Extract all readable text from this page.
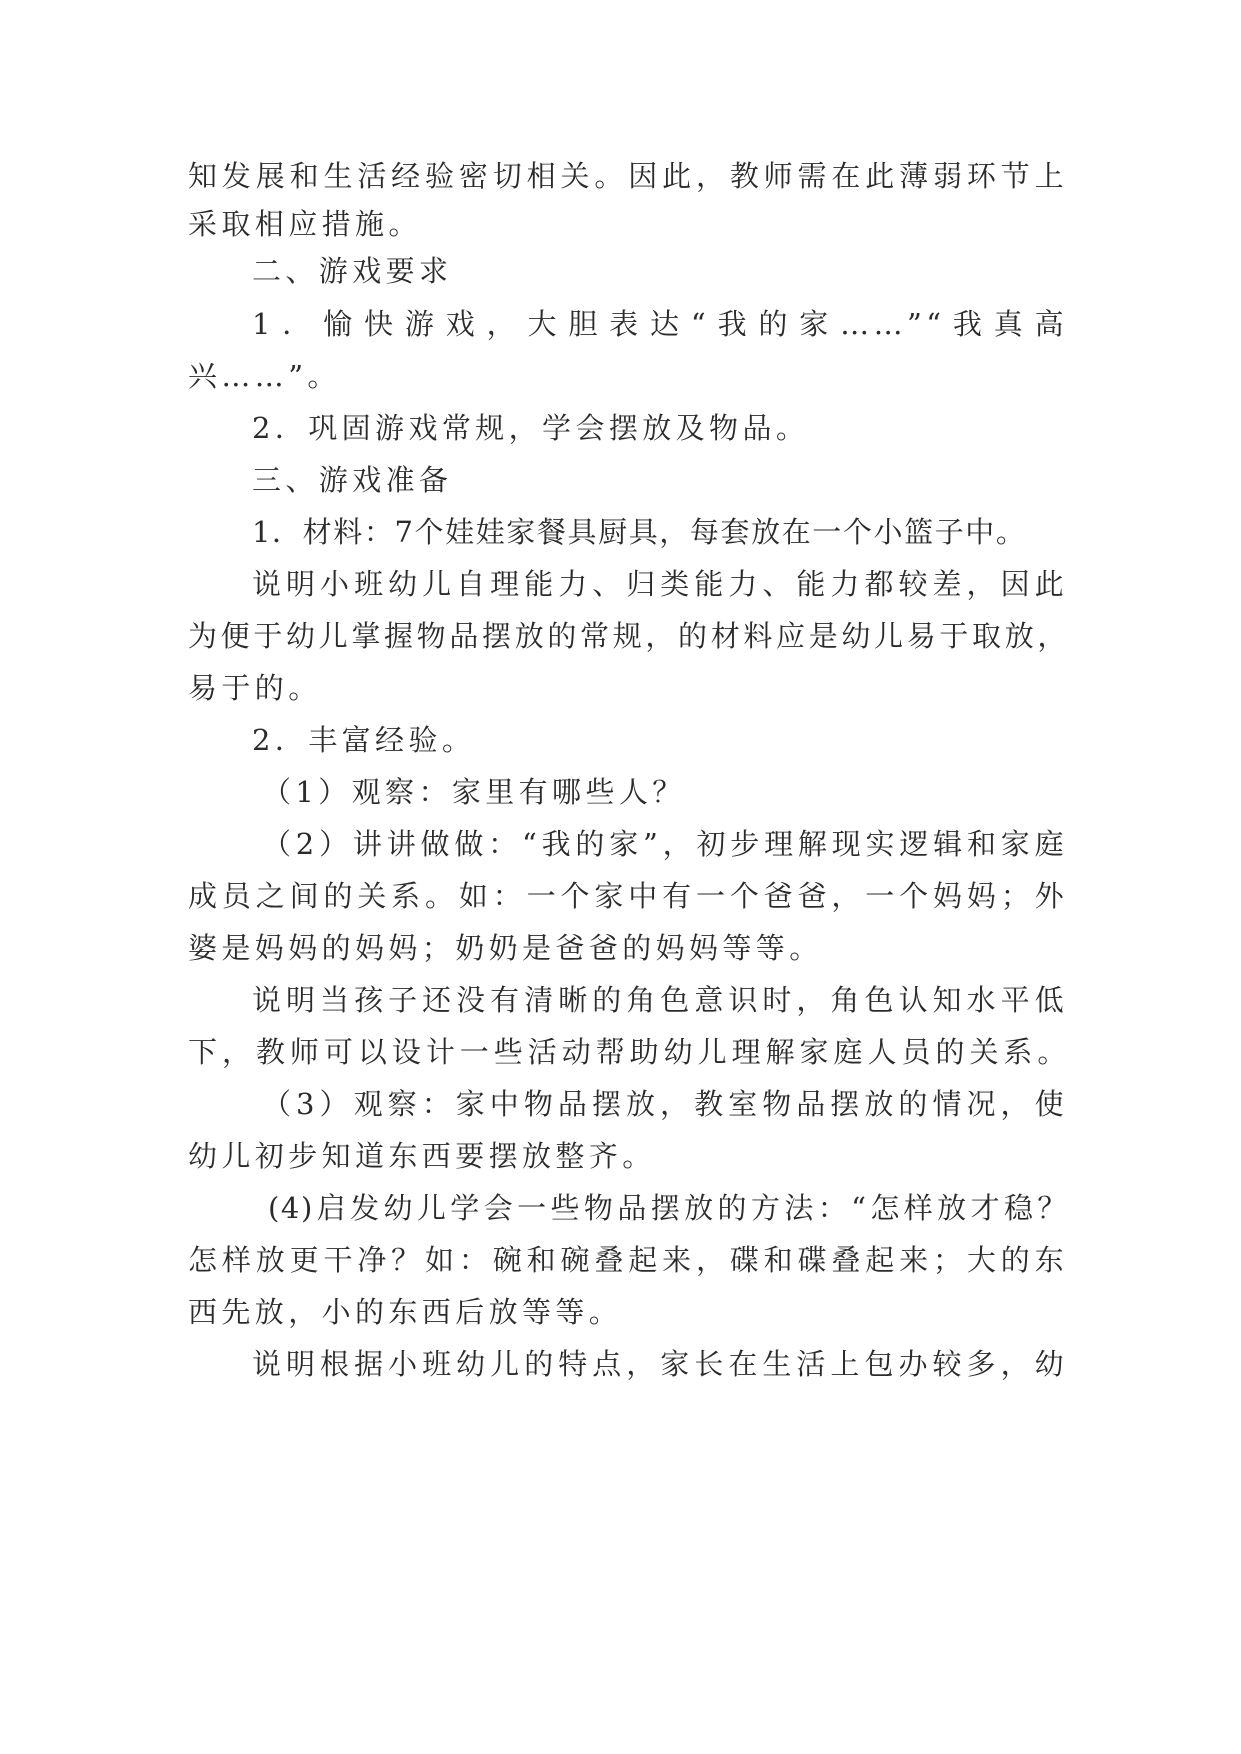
知发展和生活经验密切相关。因此，教师需在此薄弱环节上
采取相应措施。
二、游戏要求
1．愉快游戏，大胆表达“我的家……”“我真高
兴……”。
2．巩固游戏常规，学会摆放及物品。
三、游戏准备
1．材料：7个娃娃家餐具厨具，每套放在一个小篮子中。
说明小班幼儿自理能力、归类能力、能力都较差，因此
为便于幼儿掌握物品摆放的常规，的材料应是幼儿易于取放，
易于的。
2．丰富经验。
（1）观察：家里有哪些人？
（2）讲讲做做：“我的家”，初步理解现实逻辑和家庭
成员之间的关系。如：一个家中有一个爸爸，一个妈妈；外
婆是妈妈的妈妈；奶奶是爸爸的妈妈等等。
说明当孩子还没有清晰的角色意识时，角色认知水平低
下，教师可以设计一些活动帮助幼儿理解家庭人员的关系。
（3）观察：家中物品摆放，教室物品摆放的情况，使
幼儿初步知道东西要摆放整齐。
(4)启发幼儿学会一些物品摆放的方法：“怎样放才稳？
怎样放更干净？如：碗和碗叠起来，碟和碟叠起来；大的东
西先放，小的东西后放等等。
说明根据小班幼儿的特点，家长在生活上包办较多，幼
